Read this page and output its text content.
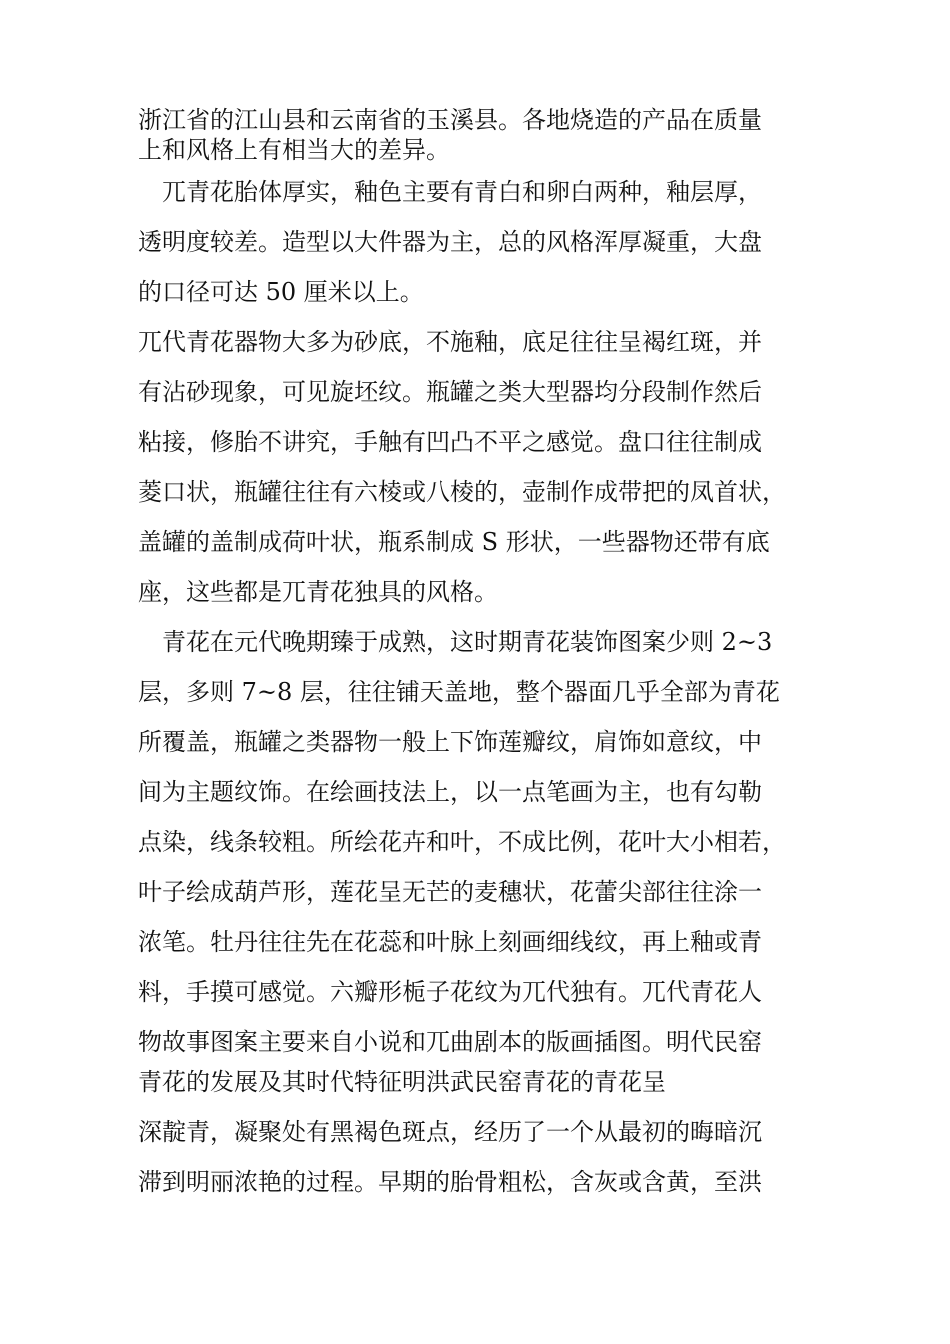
浙江省的江山县和云南省的玉溪县。各地烧造的产品在质量
上和风格上有相当大的差异。
　兀青花胎体厚实，釉色主要有青白和卵白两种，釉层厚，
透明度较差。造型以大件器为主，总的风格浑厚凝重，大盘
的口径可达 50 厘米以上。
兀代青花器物大多为砂底，不施釉，底足往往呈褐红斑，并
有沾砂现象，可见旋坯纹。瓶罐之类大型器均分段制作然后
粘接，修胎不讲究，手触有凹凸不平之感觉。盘口往往制成
菱口状，瓶罐往往有六棱或八棱的，壶制作成带把的凤首状，
盖罐的盖制成荷叶状，瓶系制成 S 形状，一些器物还带有底
座，这些都是兀青花独具的风格。
　青花在元代晚期臻于成熟，这时期青花装饰图案少则 2~3
层，多则 7~8 层，往往铺天盖地，整个器面几乎全部为青花
所覆盖，瓶罐之类器物一般上下饰莲瓣纹，肩饰如意纹，中
间为主题纹饰。在绘画技法上，以一点笔画为主，也有勾勒
点染，线条较粗。所绘花卉和叶，不成比例，花叶大小相若，
叶子绘成葫芦形，莲花呈无芒的麦穗状，花蕾尖部往往涂一
浓笔。牡丹往往先在花蕊和叶脉上刻画细线纹，再上釉或青
料，手摸可感觉。六瓣形栀子花纹为兀代独有。兀代青花人
物故事图案主要来自小说和兀曲剧本的版画插图。明代民窑
青花的发展及其时代特征明洪武民窑青花的青花呈
深靛青，凝聚处有黑褐色斑点，经历了一个从最初的晦暗沉
滞到明丽浓艳的过程。早期的胎骨粗松，含灰或含黄，至洪
